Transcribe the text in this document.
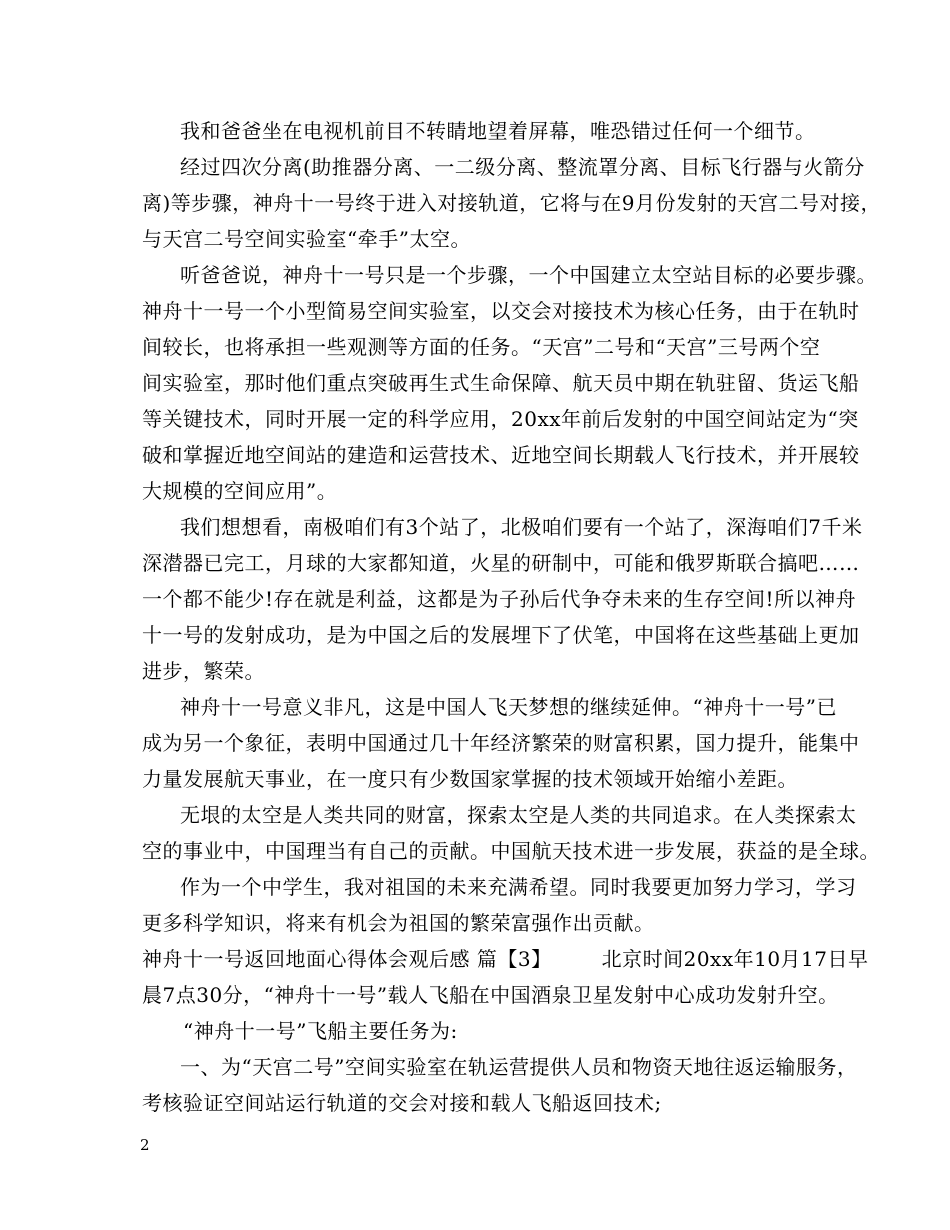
我和爸爸坐在电视机前目不转睛地望着屏幕，唯恐错过任何一个细节。
经过四次分离(助推器分离、一二级分离、整流罩分离、目标飞行器与火箭分
离)等步骤，神舟十一号终于进入对接轨道，它将与在9月份发射的天宫二号对接，
与天宫二号空间实验室“牵手”太空。
听爸爸说，神舟十一号只是一个步骤，一个中国建立太空站目标的必要步骤。
神舟十一号一个小型简易空间实验室，以交会对接技术为核心任务，由于在轨时
间较长，也将承担一些观测等方面的任务。“天宫”二号和“天宫”三号两个空
间实验室，那时他们重点突破再生式生命保障、航天员中期在轨驻留、货运飞船
等关键技术，同时开展一定的科学应用，20xx年前后发射的中国空间站定为“突
破和掌握近地空间站的建造和运营技术、近地空间长期载人飞行技术，并开展较
大规模的空间应用”。
我们想想看，南极咱们有3个站了，北极咱们要有一个站了，深海咱们7千米
深潜器已完工，月球的大家都知道，火星的研制中，可能和俄罗斯联合搞吧……
一个都不能少!存在就是利益，这都是为子孙后代争夺未来的生存空间!所以神舟
十一号的发射成功，是为中国之后的发展埋下了伏笔，中国将在这些基础上更加
进步，繁荣。
神舟十一号意义非凡，这是中国人飞天梦想的继续延伸。“神舟十一号”已
成为另一个象征，表明中国通过几十年经济繁荣的财富积累，国力提升，能集中
力量发展航天事业，在一度只有少数国家掌握的技术领域开始缩小差距。
无垠的太空是人类共同的财富，探索太空是人类的共同追求。在人类探索太
空的事业中，中国理当有自己的贡献。中国航天技术进一步发展，获益的是全球。
作为一个中学生，我对祖国的未来充满希望。同时我要更加努力学习，学习
更多科学知识，将来有机会为祖国的繁荣富强作出贡献。
神舟十一号返回地面心得体会观后感 篇【3】	北京时间20xx年10月17日早
晨7点30分，“神舟十一号”载人飞船在中国酒泉卫星发射中心成功发射升空。
“神舟十一号”飞船主要任务为:
一、为“天宫二号”空间实验室在轨运营提供人员和物资天地往返运输服务，
考核验证空间站运行轨道的交会对接和载人飞船返回技术;
2
